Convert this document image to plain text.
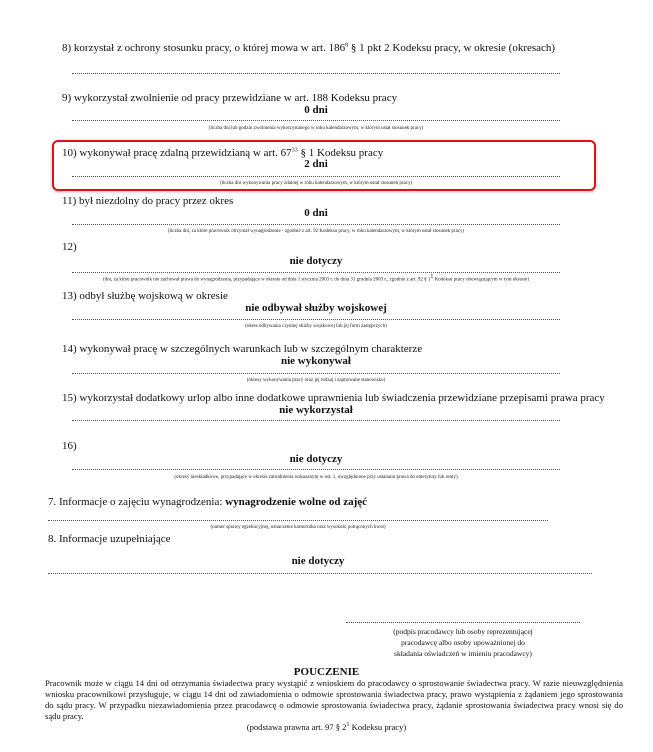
8) korzystał z ochrony stosunku pracy, o której mowa w art. $186^8$ § 1 pkt 2 Kodeksu pracy, w okresie (okresach)
9) wykorzystał zwolnienie od pracy przewidziane w art. 188 Kodeksu pracy
0 dni
(liczba dni lub godzin zwolnienia wykorzystanego w roku kalendarzowym, w którym ustał stosunek pracy)
10) wykonywał pracę zdalną przewidzianą w art. $67^{33}$ § 1 Kodeksu pracy
2 dni
(liczba dni wykonywania pracy zdalnej w roku kalendarzowym, w którym ustał stosunek pracy)
11) był niezdolny do pracy przez okres
0 dni
(liczba dni, za które pracownik otrzymał wynagrodzenie - zgodnie z art. 92 Kodeksu pracy, w roku kalendarzowym, w którym ustał stosunek pracy)
12)
nie dotyczy
(dni, za które pracownik nie zachował prawa do wynagrodzenia, przypadające w okresie od dnia 1 stycznia 2003 r. do dnia 31 grudnia 2003 r., zgodnie z art. 92 § $1^1$ Kodeksu pracy obowiązującym w tym okresie)
13) odbył służbę wojskową w okresie
nie odbywał służby wojskowej
(okres odbywania czynnej służby wojskowej lub jej form zastępczych)
14) wykonywał pracę w szczególnych warunkach lub w szczególnym charakterze
nie wykonywał
(okresy wykonywania pracy oraz jej rodzaj i zajmowane stanowisko)
15) wykorzystał dodatkowy urlop albo inne dodatkowe uprawnienia lub świadczenia przewidziane przepisami prawa pracy
nie wykorzystał
16)
nie dotyczy
(okresy nieskładkowe, przypadające w okresie zatrudnienia wskazanym w ust. 1, uwzględnione przy ustalaniu prawa do emerytury lub renty)
7. Informacje o zajęciu wynagrodzenia: wynagrodzenie wolne od zajęć
(numer sprawy egzekucyjnej, oznaczenie komornika oraz wysokość potrąconych kwot)
8. Informacje uzupełniające
nie dotyczy
(podpis pracodawcy lub osoby reprezentującej
pracodawcę albo osoby upoważnionej do
składania oświadczeń w imieniu pracodawcy)
POUCZENIE
Pracownik może w ciągu 14 dni od otrzymania świadectwa pracy wystąpić z wnioskiem do pracodawcy o sprostowanie świadectwa pracy. W razie nieuwzględnienia wniosku pracownikowi przysługuje, w ciągu 14 dni od zawiadomienia o odmowie sprostowania świadectwa pracy, prawo wystąpienia z żądaniem jego sprostowania do sądu pracy. W przypadku niezawiadomienia przez pracodawcę o odmowie sprostowania świadectwa pracy, żądanie sprostowania świadectwa pracy wnosi się do sądu pracy.
(podstawa prawna art. 97 § $2^1$ Kodeksu pracy)
